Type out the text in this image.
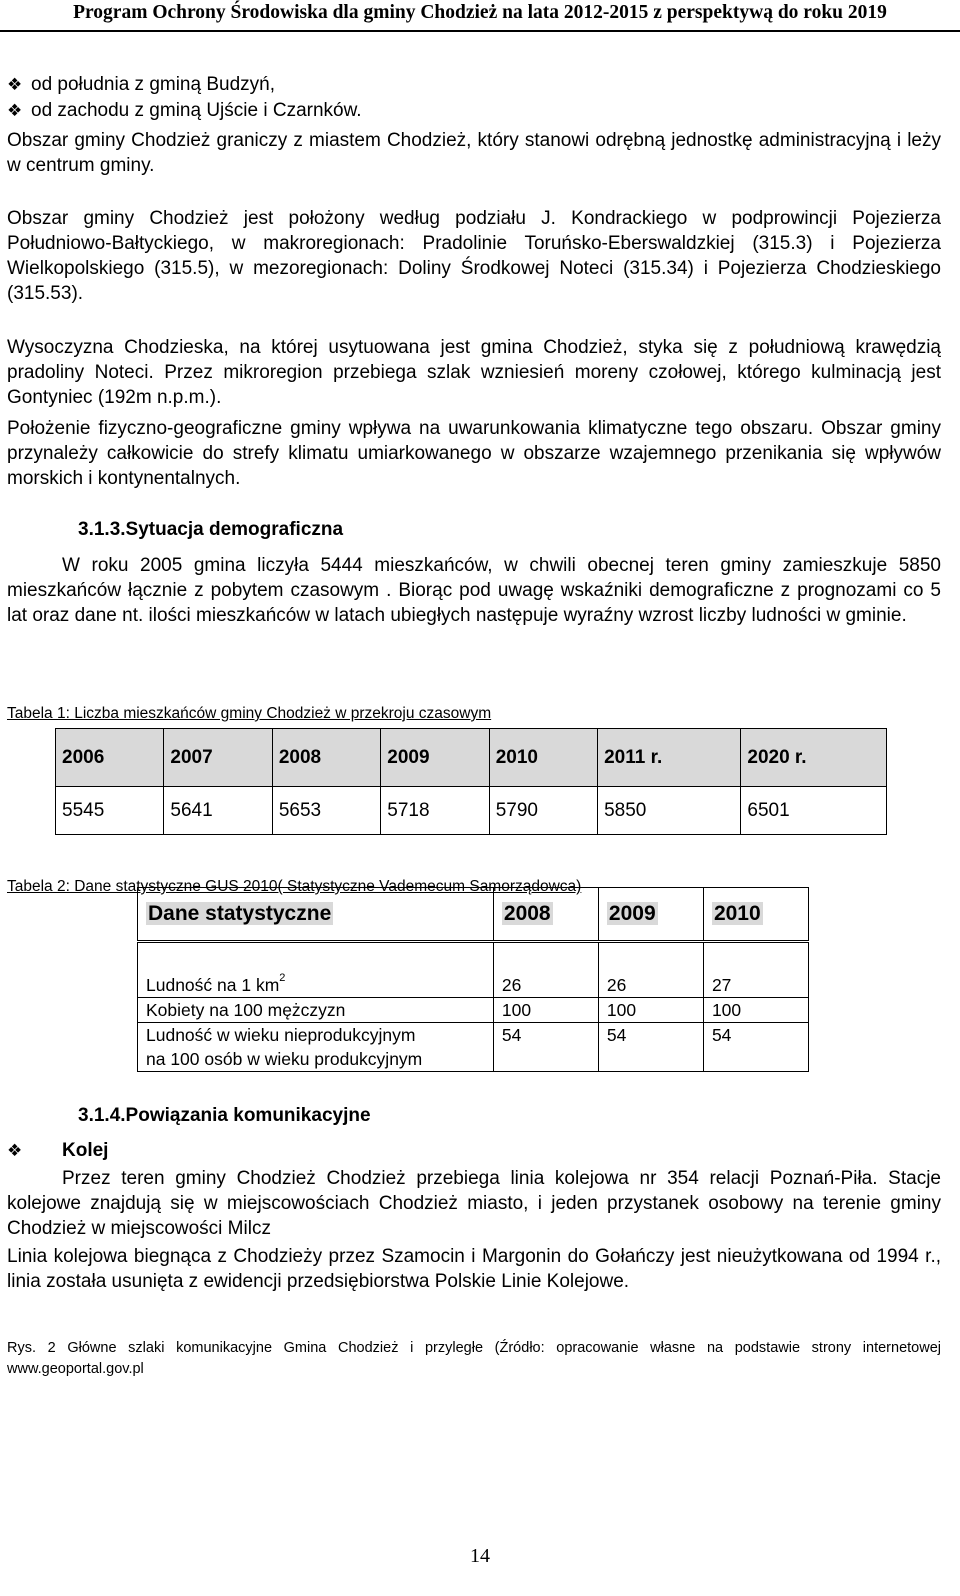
Program Ochrony Środowiska dla gminy Chodzież na lata 2012-2015 z perspektywą do roku 2019
❖ od południa z gminą Budzyń,
❖ od zachodu z gminą Ujście i Czarnków.

Obszar gminy Chodzież graniczy z miastem Chodzież, który stanowi odrębną jednostkę administracyjną i leży w centrum gminy.

Obszar gminy Chodzież jest położony według podziału J. Kondrackiego w podprowincji Pojezierza Południowo-Bałtyckiego, w makroregionach: Pradolinie Toruńsko-Eberswaldzkiej (315.3) i Pojezierza Wielkopolskiego (315.5), w mezoregionach: Doliny Środkowej Noteci (315.34) i Pojezierza Chodzieskiego (315.53).

Wysoczyzna Chodzieska, na której usytuowana jest gmina Chodzież, styka się z południową krawędzią pradoliny Noteci. Przez mikroregion przebiega szlak wzniesień moreny czołowej, którego kulminacją jest Gontyniec (192m n.p.m.).

Położenie fizyczno-geograficzne gminy wpływa na uwarunkowania klimatyczne tego obszaru. Obszar gminy przynależy całkowicie do strefy klimatu umiarkowanego w obszarze wzajemnego przenikania się wpływów morskich i kontynentalnych.

3.1.3.Sytuacja demograficzna

W roku 2005 gmina liczyła 5444 mieszkańców, w chwili obecnej teren gminy zamieszkuje 5850 mieszkańców łącznie z pobytem czasowym . Biorąc pod uwagę wskaźniki demograficzne z prognozami co 5 lat oraz dane nt. ilości mieszkańców w latach ubiegłych następuje wyraźny wzrost liczby ludności w gminie.

Tabela 1: Liczba mieszkańców gminy Chodzież w przekroju czasowym
2006	2007	2008	2009	2010	2011 r.	2020 r.
5545	5641	5653	5718	5790	5850	6501
Tabela 2: Dane statystyczne GUS 2010( Statystyczne Vademecum Samorządowca)
Dane statystyczne	2008	2009	2010
Ludność na 1 $km^2$	26	26	27
Kobiety na 100 mężczyzn	100	100	100

Ludność w wieku nieprodukcyjnym
na 100 osób w wieku produkcyjnym	54	54	54
3.1.4.Powiązania komunikacyjne
❖ Kolej

Przez teren gminy Chodzież Chodzież przebiega linia kolejowa nr 354 relacji Poznań-Piła. Stacje kolejowe znajdują się w miejscowościach Chodzież miasto, i jeden przystanek osobowy na terenie gminy Chodzież w miejscowości Milcz

Linia kolejowa biegnąca z Chodzieży przez Szamocin i Margonin do Gołańczy jest nieużytkowana od 1994 r., linia została usunięta z ewidencji przedsiębiorstwa Polskie Linie Kolejowe.

Rys. 2 Główne szlaki komunikacyjne Gmina Chodzież i przyległe (Źródło: opracowanie własne na podstawie strony internetowej www.geoportal.gov.pl

14
